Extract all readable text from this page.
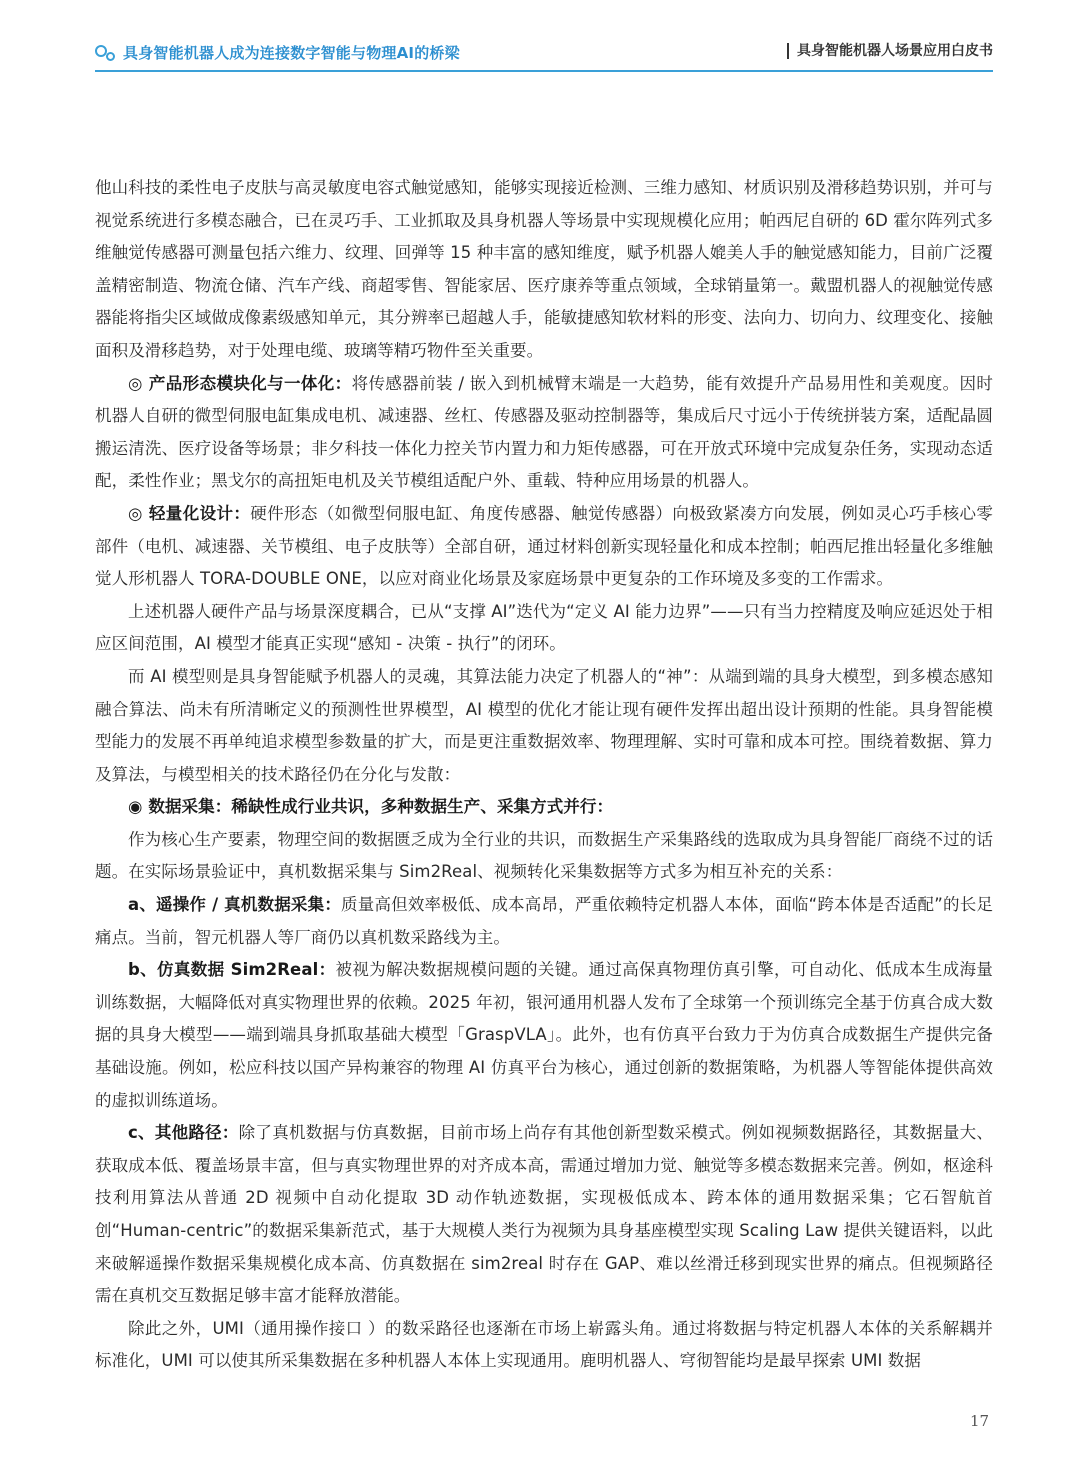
具身智能机器人成为连接数字智能与物理AI的桥梁	具身智能机器人场景应用白皮书

他山科技的柔性电子皮肤与高灵敏度电容式触觉感知，能够实现接近检测、三维力感知、材质识别及滑移趋势识别，并可与视觉系统进行多模态融合，已在灵巧手、工业抓取及具身机器人等场景中实现规模化应用；帕西尼自研的 6D 霍尔阵列式多维触觉传感器可测量包括六维力、纹理、回弹等 15 种丰富的感知维度，赋予机器人媲美人手的触觉感知能力，目前广泛覆盖精密制造、物流仓储、汽车产线、商超零售、智能家居、医疗康养等重点领域，全球销量第一。戴盟机器人的视触觉传感器能将指尖区域做成像素级感知单元，其分辨率已超越人手，能敏捷感知软材料的形变、法向力、切向力、纹理变化、接触面积及滑移趋势，对于处理电缆、玻璃等精巧物件至关重要。

◎ 产品形态模块化与一体化：将传感器前装 / 嵌入到机械臂末端是一大趋势，能有效提升产品易用性和美观度。因时机器人自研的微型伺服电缸集成电机、减速器、丝杠、传感器及驱动控制器等，集成后尺寸远小于传统拼装方案，适配晶圆搬运清洗、医疗设备等场景；非夕科技一体化力控关节内置力和力矩传感器，可在开放式环境中完成复杂任务，实现动态适配，柔性作业；黑戈尔的高扭矩电机及关节模组适配户外、重载、特种应用场景的机器人。

◎ 轻量化设计：硬件形态（如微型伺服电缸、角度传感器、触觉传感器）向极致紧凑方向发展，例如灵心巧手核心零部件（电机、减速器、关节模组、电子皮肤等）全部自研，通过材料创新实现轻量化和成本控制；帕西尼推出轻量化多维触觉人形机器人 TORA-DOUBLE ONE，以应对商业化场景及家庭场景中更复杂的工作环境及多变的工作需求。

上述机器人硬件产品与场景深度耦合，已从“支撑 AI”迭代为“定义 AI 能力边界”——只有当力控精度及响应延迟处于相应区间范围，AI 模型才能真正实现“感知 - 决策 - 执行”的闭环。

而 AI 模型则是具身智能赋予机器人的灵魂，其算法能力决定了机器人的“神”：从端到端的具身大模型，到多模态感知融合算法、尚未有所清晰定义的预测性世界模型，AI 模型的优化才能让现有硬件发挥出超出设计预期的性能。具身智能模型能力的发展不再单纯追求模型参数量的扩大，而是更注重数据效率、物理理解、实时可靠和成本可控。围绕着数据、算力及算法，与模型相关的技术路径仍在分化与发散：

◉ 数据采集：稀缺性成行业共识，多种数据生产、采集方式并行：

作为核心生产要素，物理空间的数据匮乏成为全行业的共识，而数据生产采集路线的选取成为具身智能厂商绕不过的话题。在实际场景验证中，真机数据采集与 Sim2Real、视频转化采集数据等方式多为相互补充的关系：

a、遥操作 / 真机数据采集：质量高但效率极低、成本高昂，严重依赖特定机器人本体，面临“跨本体是否适配”的长足痛点。当前，智元机器人等厂商仍以真机数采路线为主。

b、仿真数据 Sim2Real：被视为解决数据规模问题的关键。通过高保真物理仿真引擎，可自动化、低成本生成海量训练数据，大幅降低对真实物理世界的依赖。2025 年初，银河通用机器人发布了全球第一个预训练完全基于仿真合成大数据的具身大模型——端到端具身抓取基础大模型「GraspVLA」。此外，也有仿真平台致力于为仿真合成数据生产提供完备基础设施。例如，松应科技以国产异构兼容的物理 AI 仿真平台为核心，通过创新的数据策略，为机器人等智能体提供高效的虚拟训练道场。

c、其他路径：除了真机数据与仿真数据，目前市场上尚存有其他创新型数采模式。例如视频数据路径，其数据量大、获取成本低、覆盖场景丰富，但与真实物理世界的对齐成本高，需通过增加力觉、触觉等多模态数据来完善。例如，枢途科技利用算法从普通 2D 视频中自动化提取 3D 动作轨迹数据，实现极低成本、跨本体的通用数据采集；它石智航首创“Human-centric”的数据采集新范式，基于大规模人类行为视频为具身基座模型实现 Scaling Law 提供关键语料，以此来破解遥操作数据采集规模化成本高、仿真数据在 sim2real 时存在 GAP、难以丝滑迁移到现实世界的痛点。但视频路径需在真机交互数据足够丰富才能释放潜能。

除此之外，UMI（通用操作接口 ）的数采路径也逐渐在市场上崭露头角。通过将数据与特定机器人本体的关系解耦并标准化，UMI 可以使其所采集数据在多种机器人本体上实现通用。鹿明机器人、穹彻智能均是最早探索 UMI 数据

17
